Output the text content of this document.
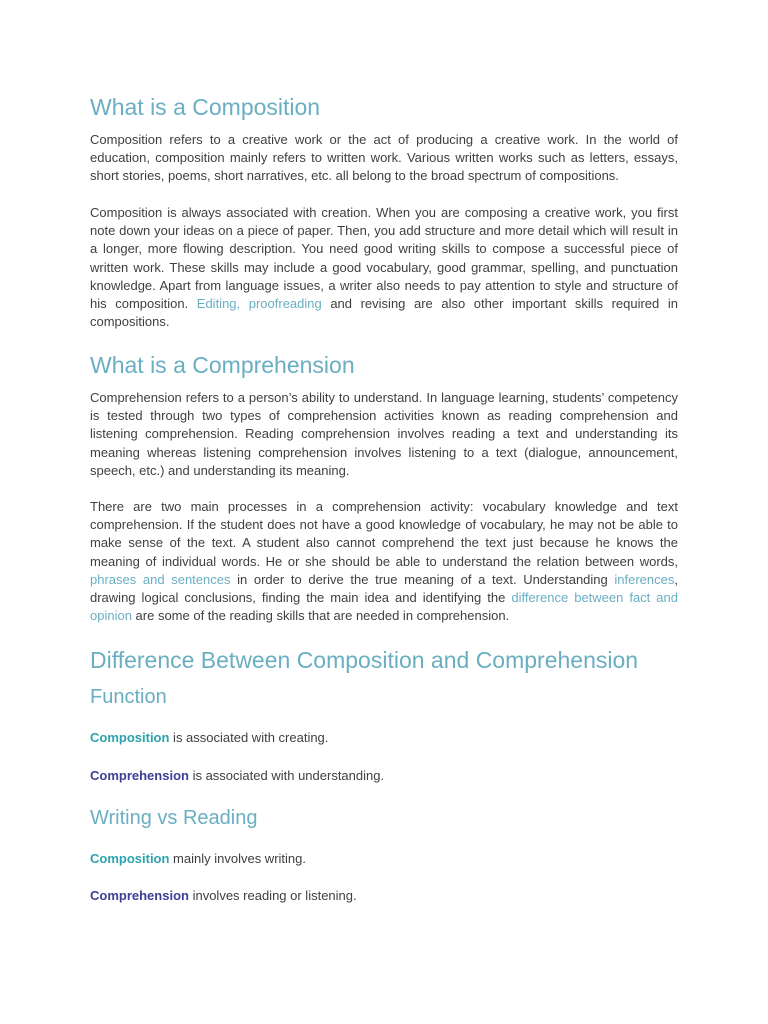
What is a Composition

Composition refers to a creative work or the act of producing a creative work. In the world of education, composition mainly refers to written work. Various written works such as letters, essays, short stories, poems, short narratives, etc. all belong to the broad spectrum of compositions.

Composition is always associated with creation. When you are composing a creative work, you first note down your ideas on a piece of paper. Then, you add structure and more detail which will result in a longer, more flowing description. You need good writing skills to compose a successful piece of written work. These skills may include a good vocabulary, good grammar, spelling, and punctuation knowledge. Apart from language issues, a writer also needs to pay attention to style and structure of his composition. Editing, proofreading and revising are also other important skills required in compositions.

What is a Comprehension

Comprehension refers to a person’s ability to understand. In language learning, students’ competency is tested through two types of comprehension activities known as reading comprehension and listening comprehension. Reading comprehension involves reading a text and understanding its meaning whereas listening comprehension involves listening to a text (dialogue, announcement, speech, etc.) and understanding its meaning.

There are two main processes in a comprehension activity: vocabulary knowledge and text comprehension. If the student does not have a good knowledge of vocabulary, he may not be able to make sense of the text. A student also cannot comprehend the text just because he knows the meaning of individual words. He or she should be able to understand the relation between words, phrases and sentences in order to derive the true meaning of a text. Understanding inferences, drawing logical conclusions, finding the main idea and identifying the difference between fact and opinion are some of the reading skills that are needed in comprehension.

Difference Between Composition and Comprehension
Function

Composition is associated with creating.

Comprehension is associated with understanding.

Writing vs Reading

Composition mainly involves writing.

Comprehension involves reading or listening.
